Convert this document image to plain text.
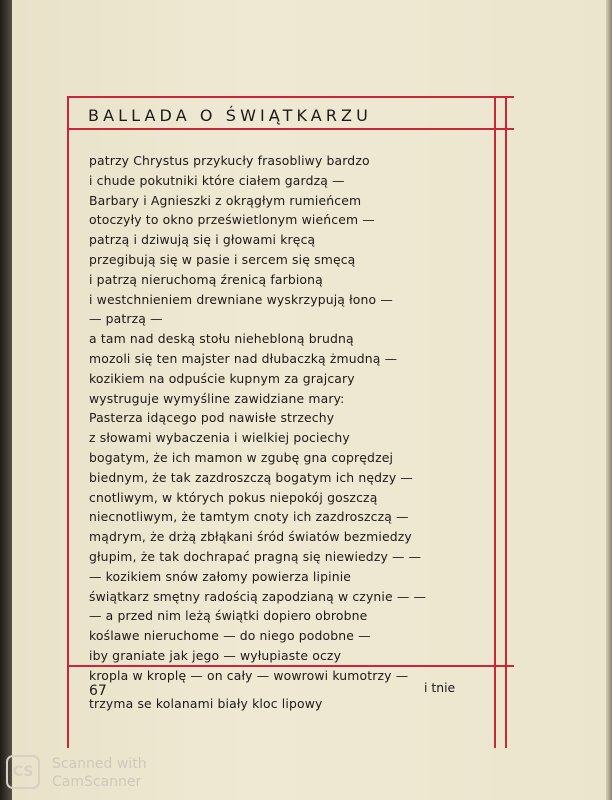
BALLADA O ŚWIĄTKARZU
patrzy Chrystus przykucły frasobliwy bardzo
i chude pokutniki które ciałem gardzą —
Barbary i Agnieszki z okrągłym rumieńcem
otoczyły to okno prześwietlonym wieńcem —
patrzą i dziwują się i głowami kręcą
przegibują się w pasie i sercem się smęcą
i patrzą nieruchomą źrenicą farbioną
i westchnieniem drewniane wyskrzypują łono —
— patrzą —
a tam nad deską stołu niehebloną brudną
mozoli się ten majster nad dłubaczką żmudną —
kozikiem na odpuście kupnym za grajcary
wystruguje wymyśline zawidziane mary:
Pasterza idącego pod nawisłe strzechy
z słowami wybaczenia i wielkiej pociechy
bogatym, że ich mamon w zgubę gna coprędzej
biednym, że tak zazdroszczą bogatym ich nędzy —
cnotliwym, w których pokus niepokój goszczą
niecnotliwym, że tamtym cnoty ich zazdroszczą —
mądrym, że drżą zbłąkani śród światów bezmiedzy
głupim, że tak dochrapać pragną się niewiedzy — —
— kozikiem snów załomy powierza lipinie
świątkarz smętny radością zapodzianą w czynie — —
— a przed nim leżą świątki dopiero obrobne
koślawe nieruchome — do niego podobne —
iby graniate jak jego — wyłupiaste oczy
kropla w kroplę — on cały — wowrowi kumotrzy —
trzyma se kolanami biały kloc lipowy
67	i tnie
CS	Scanned with
CamScanner
